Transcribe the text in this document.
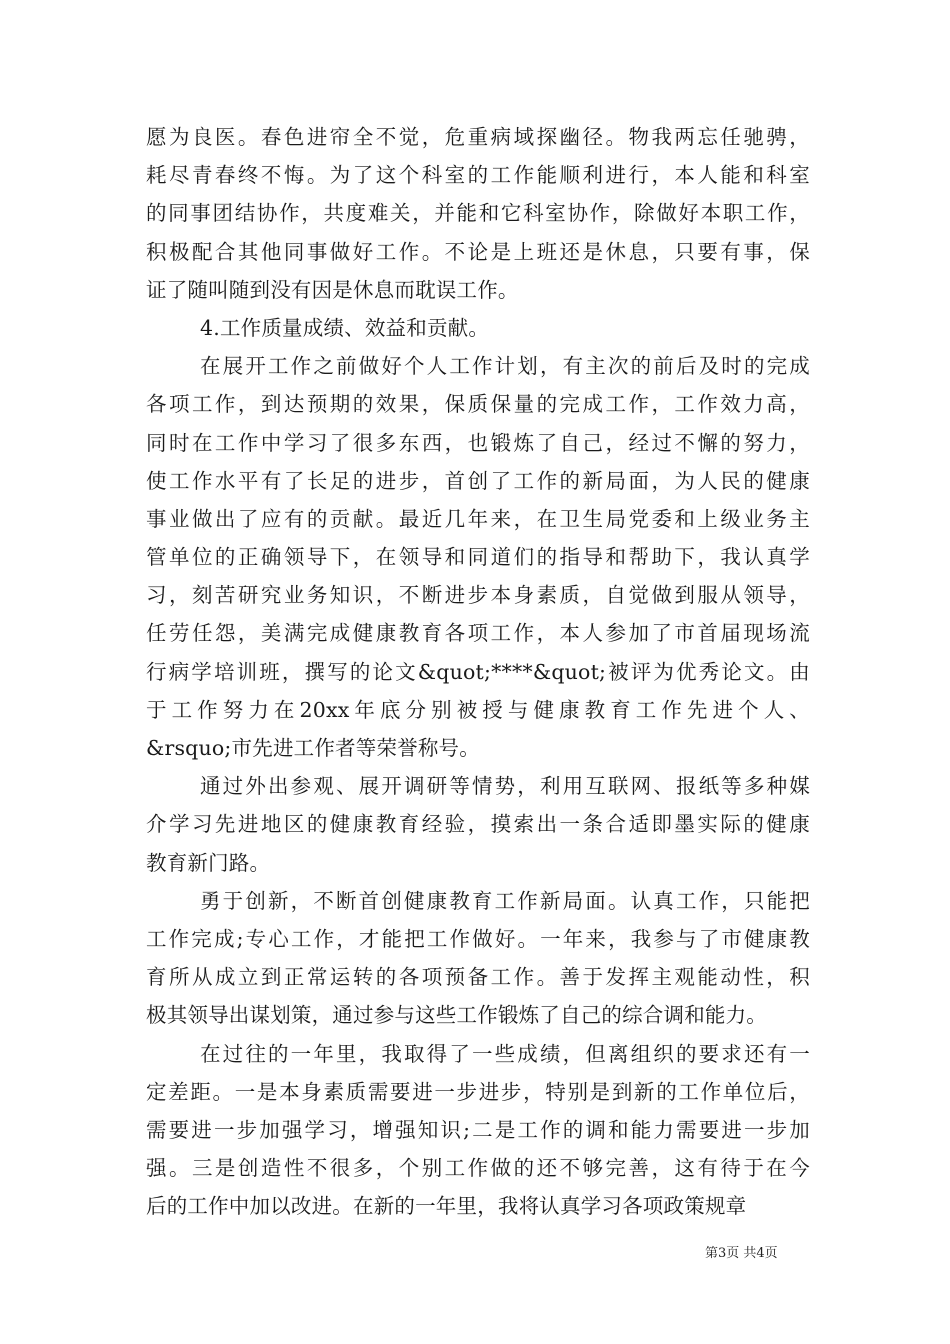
愿为良医。春色进帘全不觉，危重病域探幽径。物我两忘任驰骋，
耗尽青春终不悔。为了这个科室的工作能顺利进行，本人能和科室
的同事团结协作，共度难关，并能和它科室协作，除做好本职工作，
积极配合其他同事做好工作。不论是上班还是休息，只要有事，保
证了随叫随到没有因是休息而耽误工作。
4.工作质量成绩、效益和贡献。
在展开工作之前做好个人工作计划，有主次的前后及时的完成
各项工作，到达预期的效果，保质保量的完成工作，工作效力高，
同时在工作中学习了很多东西，也锻炼了自己，经过不懈的努力，
使工作水平有了长足的进步，首创了工作的新局面，为人民的健康
事业做出了应有的贡献。最近几年来，在卫生局党委和上级业务主
管单位的正确领导下，在领导和同道们的指导和帮助下，我认真学
习，刻苦研究业务知识，不断进步本身素质，自觉做到服从领导，
任劳任怨，美满完成健康教育各项工作，本人参加了市首届现场流
行病学培训班，撰写的论文&quot;****&quot;被评为优秀论文。由
于工作努力在20xx年底分别被授与健康教育工作先进个人、
&rsquo;市先进工作者等荣誉称号。
通过外出参观、展开调研等情势，利用互联网、报纸等多种媒
介学习先进地区的健康教育经验，摸索出一条合适即墨实际的健康
教育新门路。
勇于创新，不断首创健康教育工作新局面。认真工作，只能把
工作完成;专心工作，才能把工作做好。一年来，我参与了市健康教
育所从成立到正常运转的各项预备工作。善于发挥主观能动性，积
极其领导出谋划策，通过参与这些工作锻炼了自己的综合调和能力。
在过往的一年里，我取得了一些成绩，但离组织的要求还有一
定差距。一是本身素质需要进一步进步，特别是到新的工作单位后，
需要进一步加强学习，增强知识;二是工作的调和能力需要进一步加
强。三是创造性不很多，个别工作做的还不够完善，这有待于在今
后的工作中加以改进。在新的一年里，我将认真学习各项政策规章
第3页 共4页
